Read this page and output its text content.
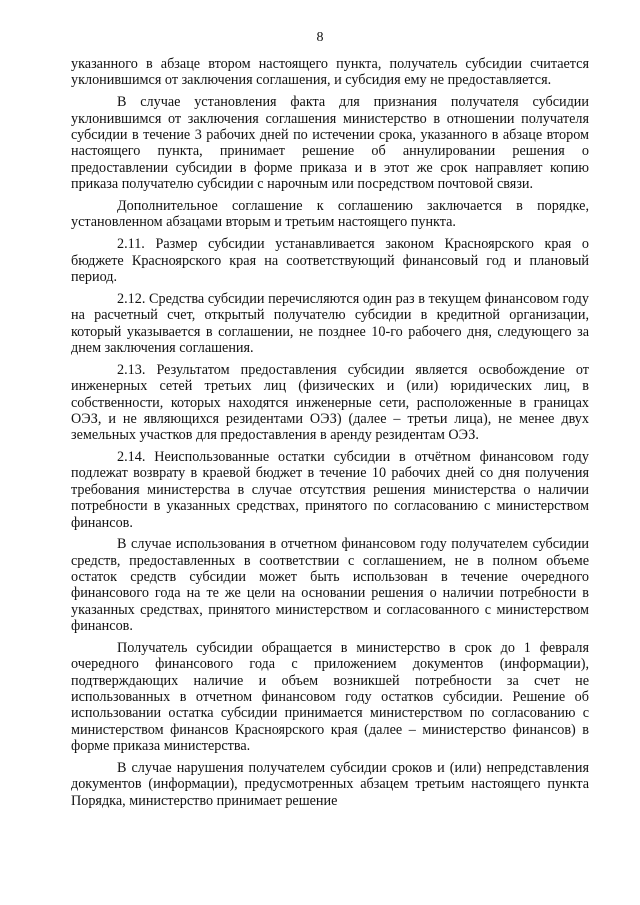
8

указанного в абзаце втором настоящего пункта, получатель субсидии считается уклонившимся от заключения соглашения, и субсидия ему не предоставляется.

В случае установления факта для признания получателя субсидии уклонившимся от заключения соглашения министерство в отношении получателя субсидии в течение 3 рабочих дней по истечении срока, указанного в абзаце втором настоящего пункта, принимает решение об аннулировании решения о предоставлении субсидии в форме приказа и в этот же срок направляет копию приказа получателю субсидии с нарочным или посредством почтовой связи.

Дополнительное соглашение к соглашению заключается в порядке, установленном абзацами вторым и третьим настоящего пункта.

2.11. Размер субсидии устанавливается законом Красноярского края о бюджете Красноярского края на соответствующий финансовый год и плановый период.

2.12. Средства субсидии перечисляются один раз в текущем финансовом году на расчетный счет, открытый получателю субсидии в кредитной организации, который указывается в соглашении, не позднее 10-го рабочего дня, следующего за днем заключения соглашения.

2.13. Результатом предоставления субсидии является освобождение от инженерных сетей третьих лиц (физических и (или) юридических лиц, в собственности, которых находятся инженерные сети, расположенные в границах ОЭЗ, и не являющихся резидентами ОЭЗ) (далее – третьи лица), не менее двух земельных участков для предоставления в аренду резидентам ОЭЗ.

2.14. Неиспользованные остатки субсидии в отчётном финансовом году подлежат возврату в краевой бюджет в течение 10 рабочих дней со дня получения требования министерства в случае отсутствия решения министерства о наличии потребности в указанных средствах, принятого по согласованию с министерством финансов.

В случае использования в отчетном финансовом году получателем субсидии средств, предоставленных в соответствии с соглашением, не в полном объеме остаток средств субсидии может быть использован в течение очередного финансового года на те же цели на основании решения о наличии потребности в указанных средствах, принятого министерством и согласованного с министерством финансов.

Получатель субсидии обращается в министерство в срок до 1 февраля очередного финансового года с приложением документов (информации), подтверждающих наличие и объем возникшей потребности за счет не использованных в отчетном финансовом году остатков субсидии. Решение об использовании остатка субсидии принимается министерством по согласованию с министерством финансов Красноярского края (далее – министерство финансов) в форме приказа министерства.

В случае нарушения получателем субсидии сроков и (или) непредставления документов (информации), предусмотренных абзацем третьим настоящего пункта Порядка, министерство принимает решение
